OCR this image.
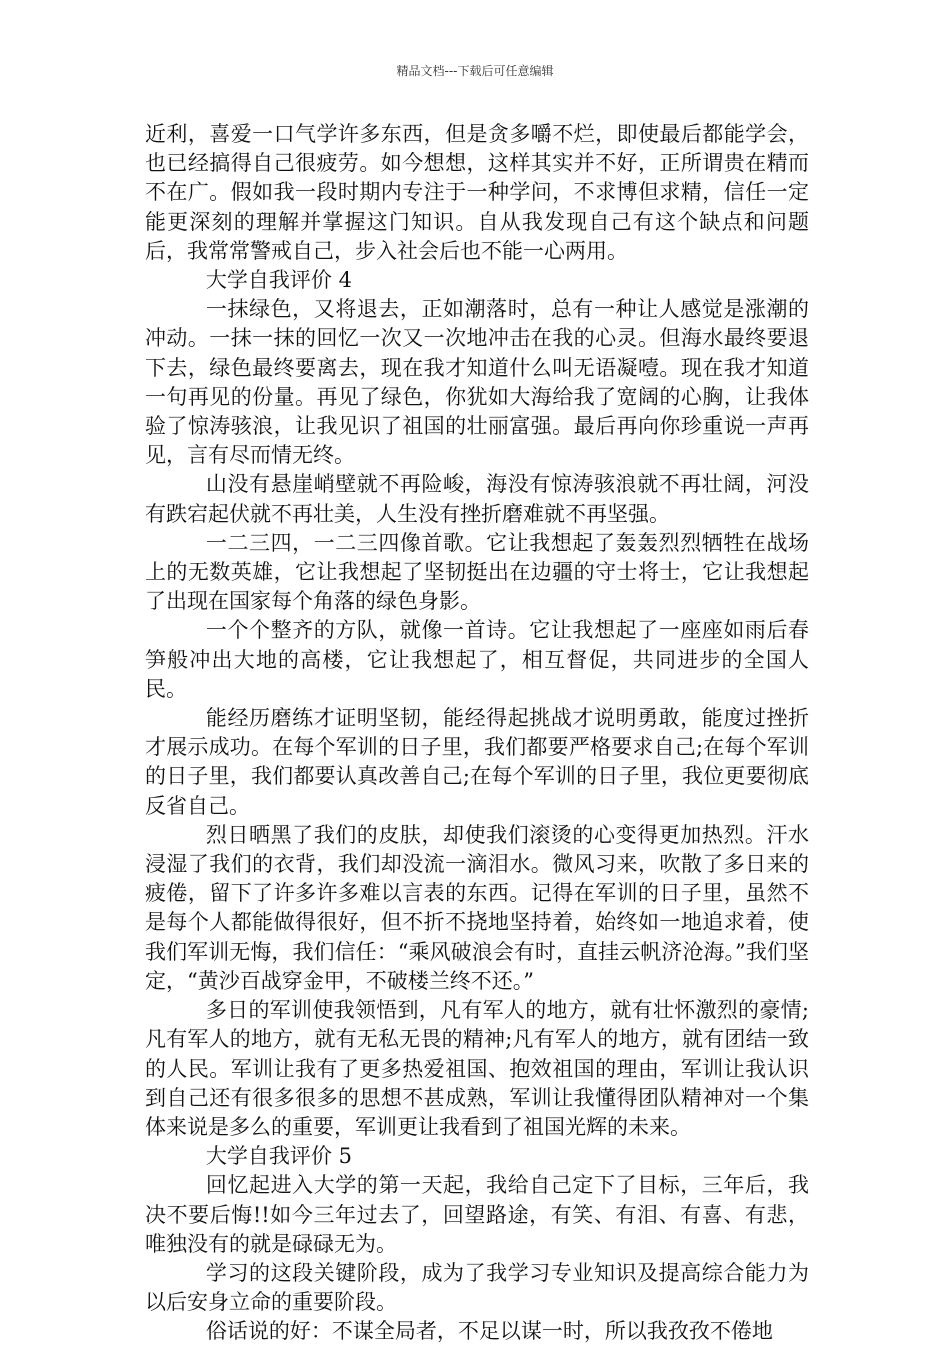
精品文档---下载后可任意编辑

近利，喜爱一口气学许多东西，但是贪多嚼不烂，即使最后都能学会，也已经搞得自己很疲劳。如今想想，这样其实并不好，正所谓贵在精而不在广。假如我一段时期内专注于一种学问，不求博但求精，信任一定能更深刻的理解并掌握这门知识。自从我发现自己有这个缺点和问题后，我常常警戒自己，步入社会后也不能一心两用。

大学自我评价 4

一抹绿色，又将退去，正如潮落时，总有一种让人感觉是涨潮的冲动。一抹一抹的回忆一次又一次地冲击在我的心灵。但海水最终要退下去，绿色最终要离去，现在我才知道什么叫无语凝噎。现在我才知道一句再见的份量。再见了绿色，你犹如大海给我了宽阔的心胸，让我体验了惊涛骇浪，让我见识了祖国的壮丽富强。最后再向你珍重说一声再见，言有尽而情无终。

山没有悬崖峭壁就不再险峻，海没有惊涛骇浪就不再壮阔，河没有跌宕起伏就不再壮美，人生没有挫折磨难就不再坚强。

一二三四，一二三四像首歌。它让我想起了轰轰烈烈牺牲在战场上的无数英雄，它让我想起了坚韧挺出在边疆的守士将士，它让我想起了出现在国家每个角落的绿色身影。

一个个整齐的方队，就像一首诗。它让我想起了一座座如雨后春笋般冲出大地的高楼，它让我想起了，相互督促，共同进步的全国人民。

能经历磨练才证明坚韧，能经得起挑战才说明勇敢，能度过挫折才展示成功。在每个军训的日子里，我们都要严格要求自己;在每个军训的日子里，我们都要认真改善自己;在每个军训的日子里，我位更要彻底反省自己。

烈日晒黑了我们的皮肤，却使我们滚烫的心变得更加热烈。汗水浸湿了我们的衣背，我们却没流一滴泪水。微风习来，吹散了多日来的疲倦，留下了许多许多难以言表的东西。记得在军训的日子里，虽然不是每个人都能做得很好，但不折不挠地坚持着，始终如一地追求着，使我们军训无悔，我们信任：“乘风破浪会有时，直挂云帆济沧海。”我们坚定，“黄沙百战穿金甲，不破楼兰终不还。”

多日的军训使我领悟到，凡有军人的地方，就有壮怀激烈的豪情;凡有军人的地方，就有无私无畏的精神;凡有军人的地方，就有团结一致的人民。军训让我有了更多热爱祖国、抱效祖国的理由，军训让我认识到自己还有很多很多的思想不甚成熟，军训让我懂得团队精神对一个集体来说是多么的重要，军训更让我看到了祖国光辉的未来。

大学自我评价 5

回忆起进入大学的第一天起，我给自己定下了目标，三年后，我决不要后悔!!如今三年过去了，回望路途，有笑、有泪、有喜、有悲，唯独没有的就是碌碌无为。

学习的这段关键阶段，成为了我学习专业知识及提高综合能力为以后安身立命的重要阶段。

俗话说的好：不谋全局者，不足以谋一时，所以我孜孜不倦地
